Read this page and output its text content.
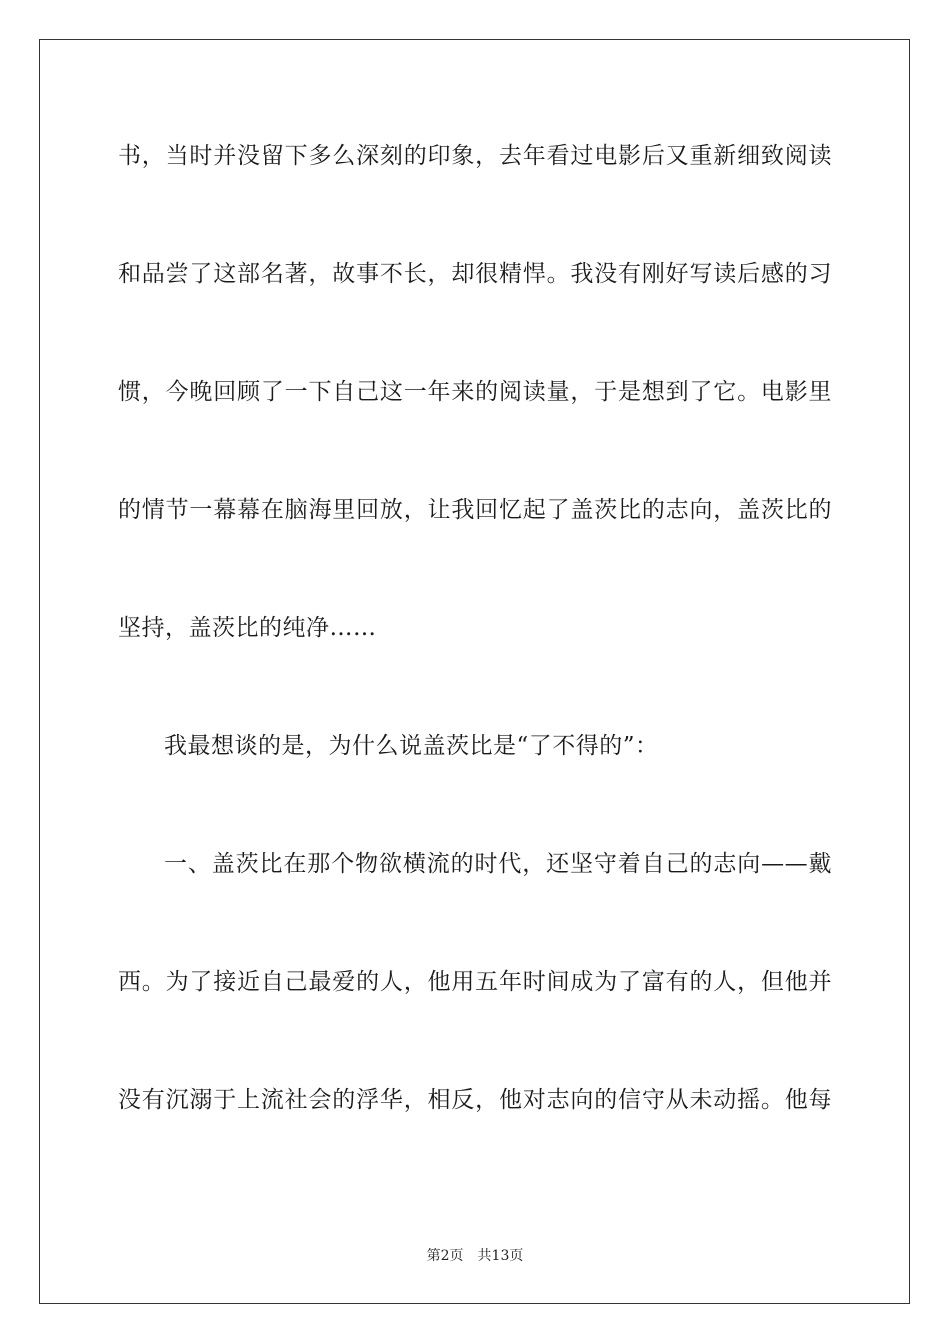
书，当时并没留下多么深刻的印象，去年看过电影后又重新细致阅读
和品尝了这部名著，故事不长，却很精悍。我没有刚好写读后感的习
惯，今晚回顾了一下自己这一年来的阅读量，于是想到了它。电影里
的情节一幕幕在脑海里回放，让我回忆起了盖茨比的志向，盖茨比的
坚持，盖茨比的纯净……
我最想谈的是，为什么说盖茨比是“了不得的”：
一、盖茨比在那个物欲横流的时代，还坚守着自己的志向——戴
西。为了接近自己最爱的人，他用五年时间成为了富有的人，但他并
没有沉溺于上流社会的浮华，相反，他对志向的信守从未动摇。他每
第2页 共13页
